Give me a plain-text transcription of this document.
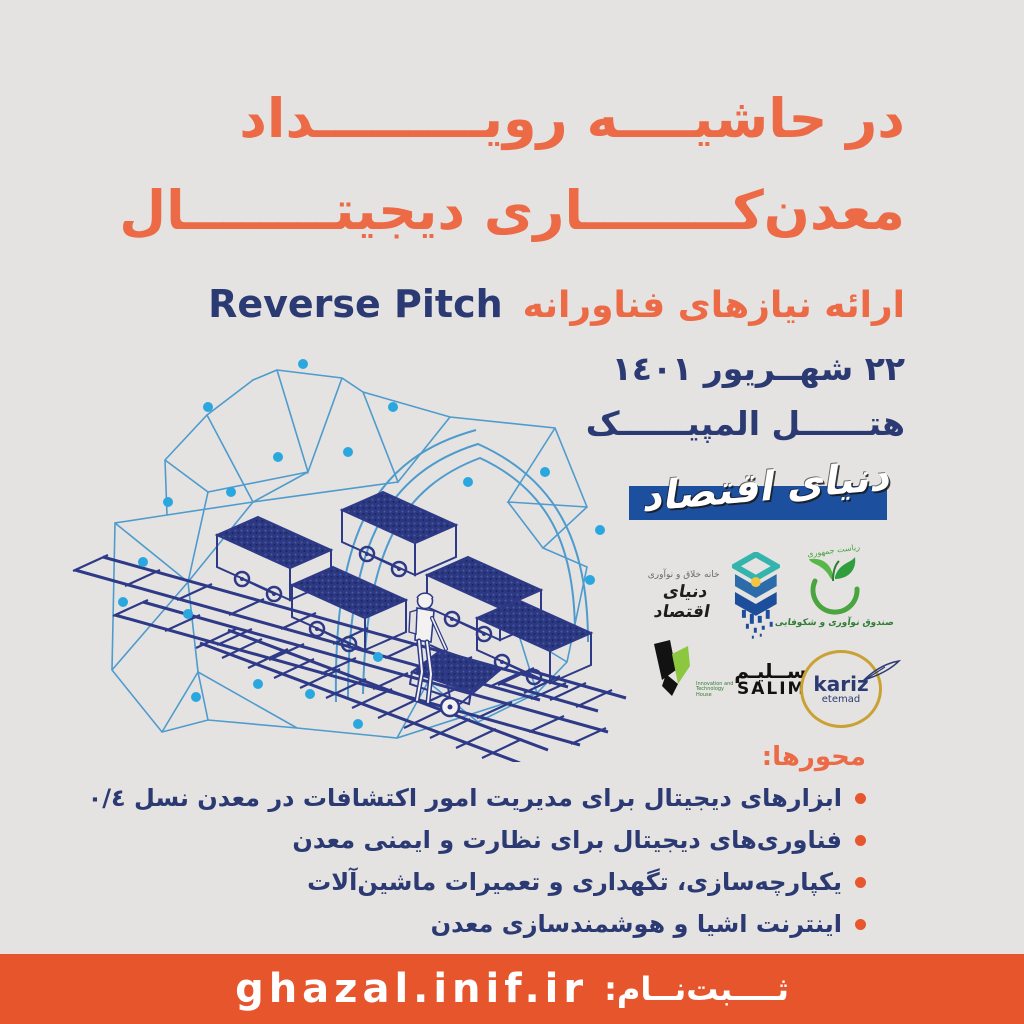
در حاشیــــه رویـــــــــداد
معدن‌کــــــــاری دیجیتــــــــال
ارائه نیازهای فناورانه
Reverse Pitch
٢٢ شهــریور ١٤٠١
هتــــــل المپیــــــک
دنیای اقتصاد
خانه خلاق و نوآوری
دنیای اقتصاد
ریاست جمهوری
صندوق نوآوری و شکوفایی
ســلیـم
Innovation and Technology House	SALIM kariz
etemad
محورها:
ابزارهای دیجیتال برای مدیریت امور اکتشافات در معدن نسل ٠/٤
فناوری‌های دیجیتال برای نظارت و ایمنی معدن
یکپارچه‌سازی، تگهداری و تعمیرات ماشین‌آلات
اینترنت اشیا و هوشمندسازی معدن
ثــــبت‌نــام:
ghazal.inif.ir
